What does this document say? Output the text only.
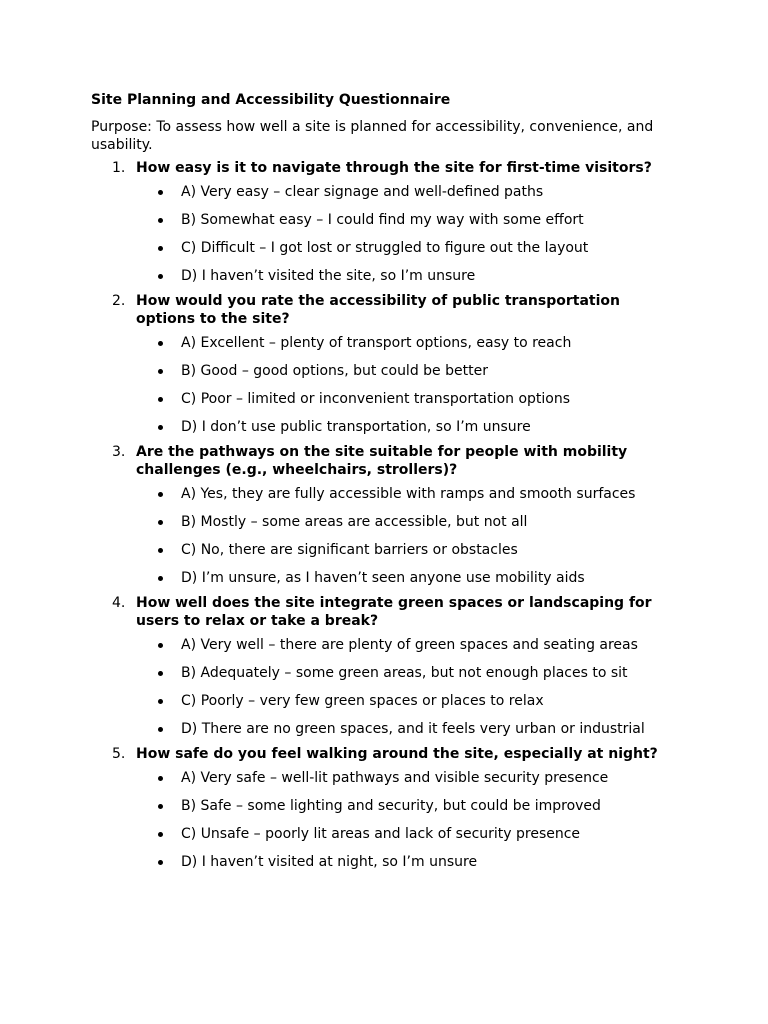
Site Planning and Accessibility Questionnaire

Purpose: To assess how well a site is planned for accessibility, convenience, and usability.

1. How easy is it to navigate through the site for first-time visitors?

A) Very easy – clear signage and well-defined paths
B) Somewhat easy – I could find my way with some effort
C) Difficult – I got lost or struggled to figure out the layout
D) I haven’t visited the site, so I’m unsure
2. How would you rate the accessibility of public transportation options to the site?

A) Excellent – plenty of transport options, easy to reach
B) Good – good options, but could be better
C) Poor – limited or inconvenient transportation options
D) I don’t use public transportation, so I’m unsure
3. Are the pathways on the site suitable for people with mobility challenges (e.g., wheelchairs, strollers)?

A) Yes, they are fully accessible with ramps and smooth surfaces
B) Mostly – some areas are accessible, but not all
C) No, there are significant barriers or obstacles
D) I’m unsure, as I haven’t seen anyone use mobility aids
4. How well does the site integrate green spaces or landscaping for users to relax or take a break?

A) Very well – there are plenty of green spaces and seating areas
B) Adequately – some green areas, but not enough places to sit
C) Poorly – very few green spaces or places to relax
D) There are no green spaces, and it feels very urban or industrial
5. How safe do you feel walking around the site, especially at night?

A) Very safe – well-lit pathways and visible security presence
B) Safe – some lighting and security, but could be improved
C) Unsafe – poorly lit areas and lack of security presence
D) I haven’t visited at night, so I’m unsure
